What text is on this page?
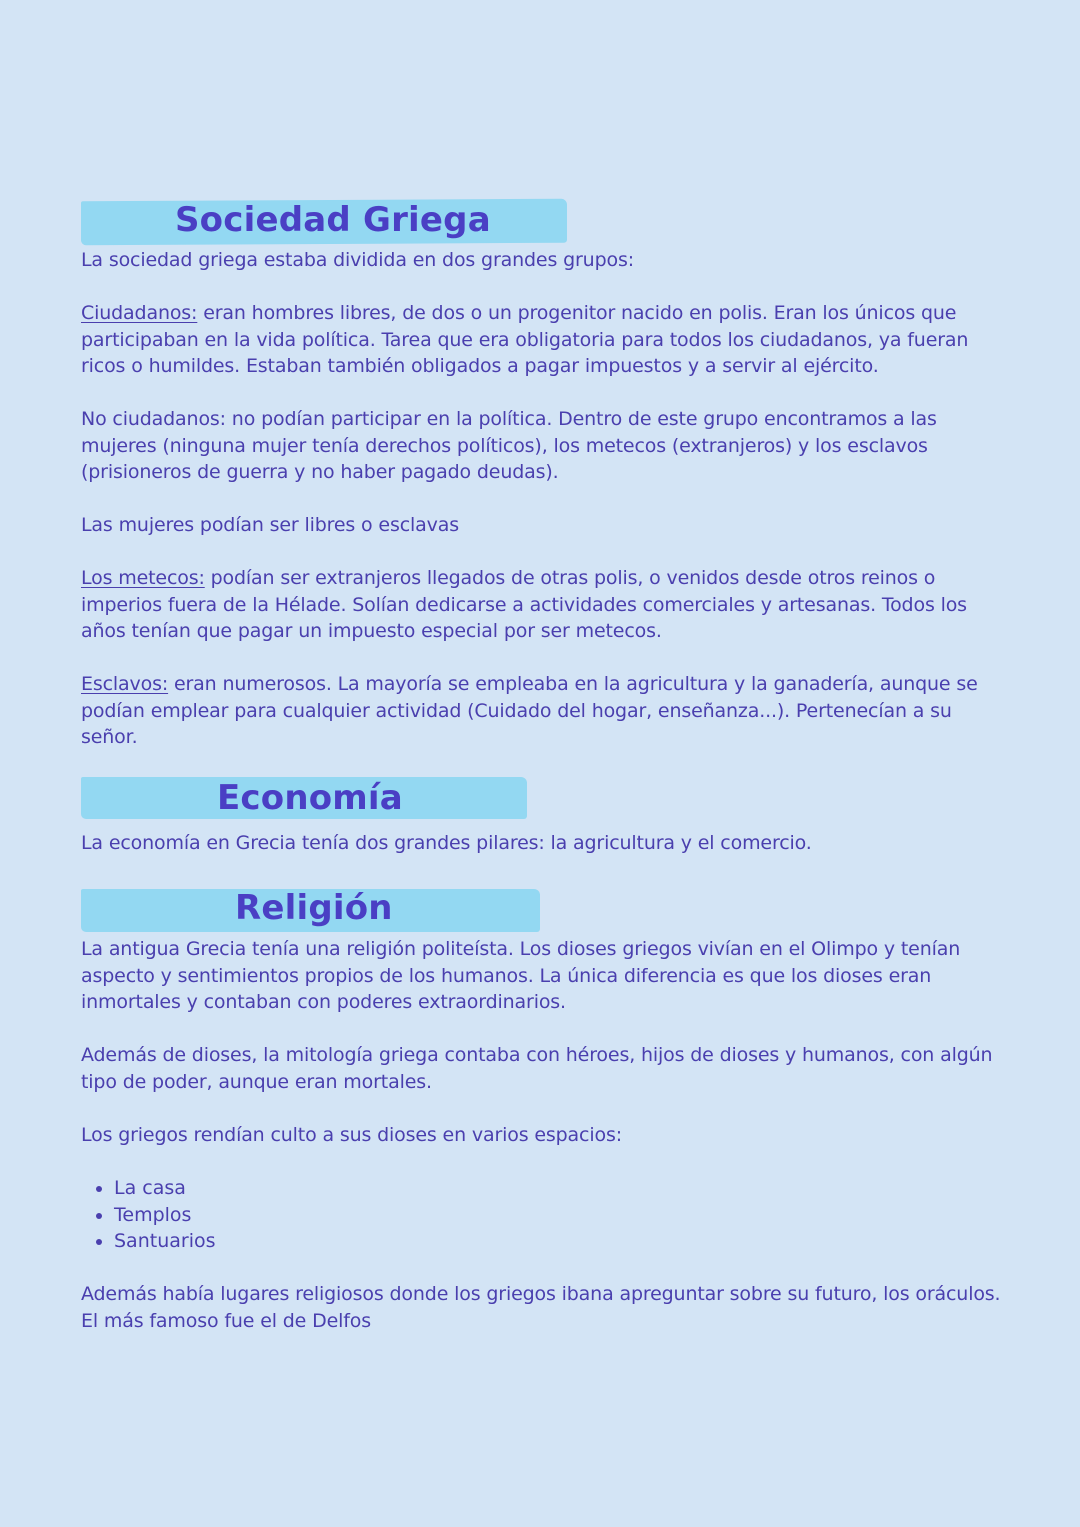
Sociedad Griega

La sociedad griega estaba dividida en dos grandes grupos:

Ciudadanos: eran hombres libres, de dos o un progenitor nacido en polis. Eran los únicos que participaban en la vida política. Tarea que era obligatoria para todos los ciudadanos, ya fueran ricos o humildes. Estaban también obligados a pagar impuestos y a servir al ejército.

No ciudadanos: no podían participar en la política. Dentro de este grupo encontramos a las mujeres (ninguna mujer tenía derechos políticos), los metecos (extranjeros) y los esclavos (prisioneros de guerra y no haber pagado deudas).

Las mujeres podían ser libres o esclavas

Los metecos: podían ser extranjeros llegados de otras polis, o venidos desde otros reinos o imperios fuera de la Hélade. Solían dedicarse a actividades comerciales y artesanas. Todos los años tenían que pagar un impuesto especial por ser metecos.

Esclavos: eran numerosos. La mayoría se empleaba en la agricultura y la ganadería, aunque se podían emplear para cualquier actividad (Cuidado del hogar, enseñanza...). Pertenecían a su señor.

Economía

La economía en Grecia tenía dos grandes pilares: la agricultura y el comercio.

Religión

La antigua Grecia tenía una religión politeísta. Los dioses griegos vivían en el Olimpo y tenían aspecto y sentimientos propios de los humanos. La única diferencia es que los dioses eran inmortales y contaban con poderes extraordinarios.

Además de dioses, la mitología griega contaba con héroes, hijos de dioses y humanos, con algún tipo de poder, aunque eran mortales.

Los griegos rendían culto a sus dioses en varios espacios:

• La casa
• Templos
• Santuarios

Además había lugares religiosos donde los griegos ibana apreguntar sobre su futuro, los oráculos. El más famoso fue el de Delfos
